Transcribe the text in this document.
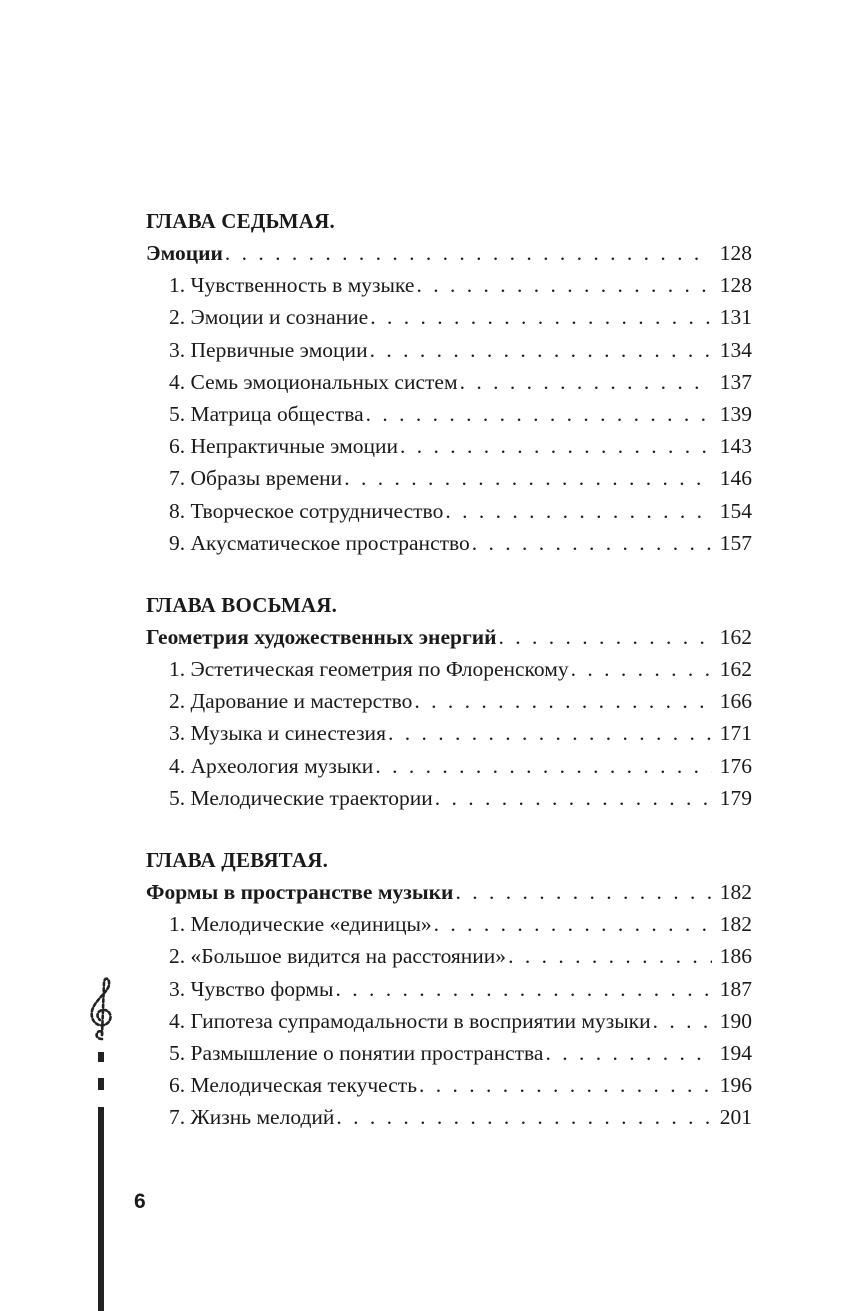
ГЛАВА СЕДЬМАЯ.
Эмоции . . .	128
1. Чувственность в музыке . . .	128
2. Эмоции и сознание . . .	131
3. Первичные эмоции . . .	134
4. Семь эмоциональных систем . . .	137
5. Матрица общества . . .	139
6. Непрактичные эмоции . . .	143
7. Образы времени . . .	146
8. Творческое сотрудничество . . .	154
9. Акусматическое пространство . . .	157
ГЛАВА ВОСЬМАЯ.
Геометрия художественных энергий . . .	162
1. Эстетическая геометрия по Флоренскому . . .	162
2. Дарование и мастерство . . .	166
3. Музыка и синестезия . . .	171
4. Археология музыки . . .	176
5. Мелодические траектории . . .	179
ГЛАВА ДЕВЯТАЯ.
Формы в пространстве музыки . . .	182
1. Мелодические «единицы» . . .	182
2. «Большое видится на расстоянии» . . .	186
3. Чувство формы . . .	187
4. Гипотеза супрамодальности в восприятии музыки . . .	190
5. Размышление о понятии пространства . . .	194
6. Мелодическая текучесть . . .	196
7. Жизнь мелодий . . .	201
6
